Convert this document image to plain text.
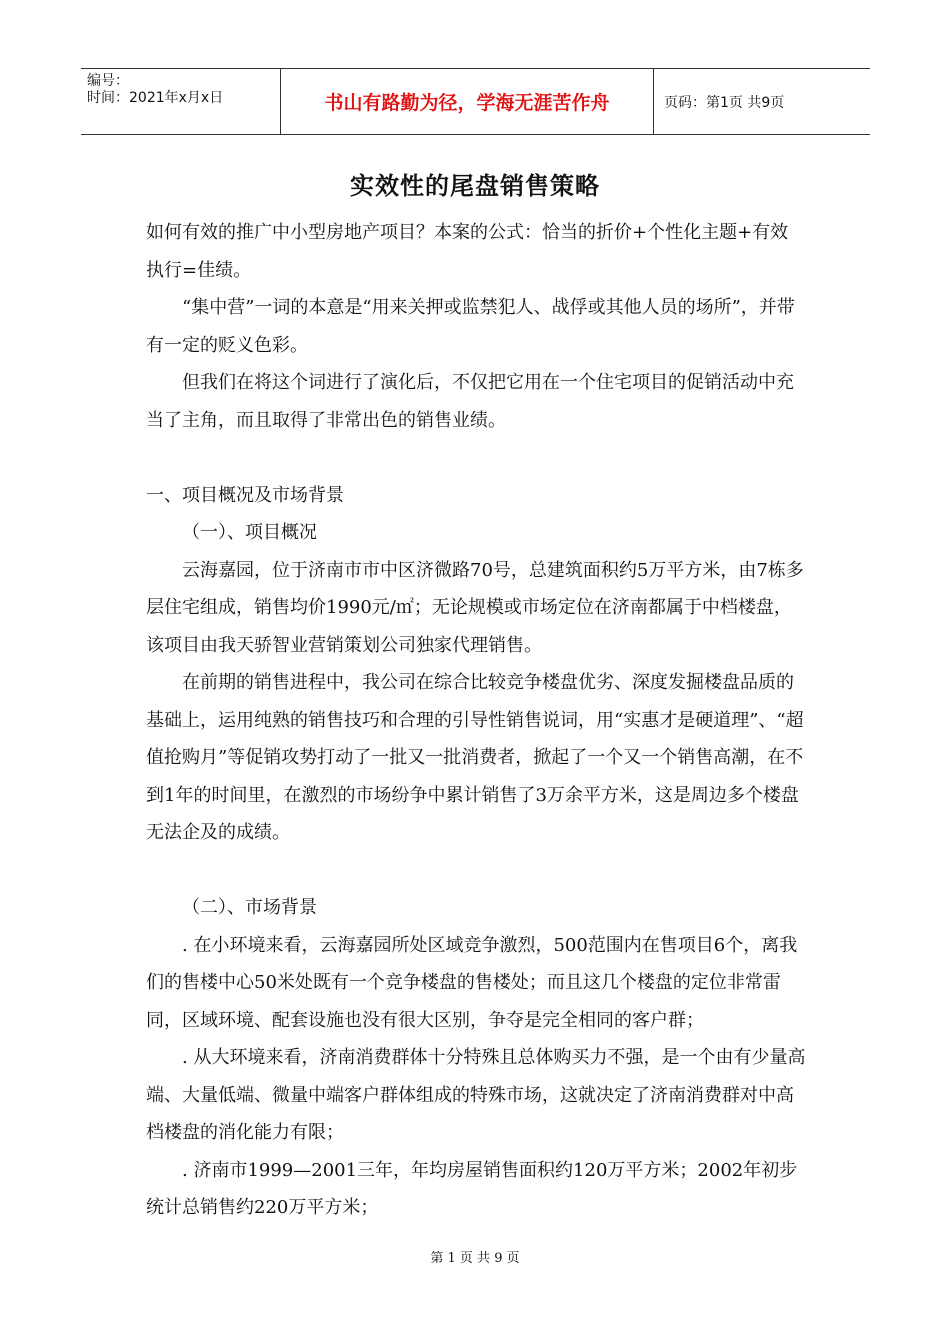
编号：
时间：2021年x月x日	书山有路勤为径，学海无涯苦作舟	页码：第1页 共9页
实效性的尾盘销售策略

如何有效的推广中小型房地产项目？本案的公式：恰当的折价+个性化主题+有效执行=佳绩。

“集中营”一词的本意是“用来关押或监禁犯人、战俘或其他人员的场所”，并带有一定的贬义色彩。

但我们在将这个词进行了演化后，不仅把它用在一个住宅项目的促销活动中充当了主角，而且取得了非常出色的销售业绩。

一、项目概况及市场背景

（一）、项目概况

云海嘉园，位于济南市市中区济微路70号，总建筑面积约5万平方米，由7栋多层住宅组成，销售均价1990元/㎡；无论规模或市场定位在济南都属于中档楼盘，该项目由我天骄智业营销策划公司独家代理销售。

在前期的销售进程中，我公司在综合比较竞争楼盘优劣、深度发掘楼盘品质的基础上，运用纯熟的销售技巧和合理的引导性销售说词，用“实惠才是硬道理”、“超值抢购月”等促销攻势打动了一批又一批消费者，掀起了一个又一个销售高潮，在不到1年的时间里，在激烈的市场纷争中累计销售了3万余平方米，这是周边多个楼盘无法企及的成绩。

（二）、市场背景

. 在小环境来看，云海嘉园所处区域竞争激烈，500范围内在售项目6个，离我们的售楼中心50米处既有一个竞争楼盘的售楼处；而且这几个楼盘的定位非常雷同，区域环境、配套设施也没有很大区别，争夺是完全相同的客户群；

. 从大环境来看，济南消费群体十分特殊且总体购买力不强，是一个由有少量高端、大量低端、微量中端客户群体组成的特殊市场，这就决定了济南消费群对中高档楼盘的消化能力有限；

. 济南市1999—2001三年，年均房屋销售面积约120万平方米；2002年初步统计总销售约220万平方米；

第 1 页 共 9 页
